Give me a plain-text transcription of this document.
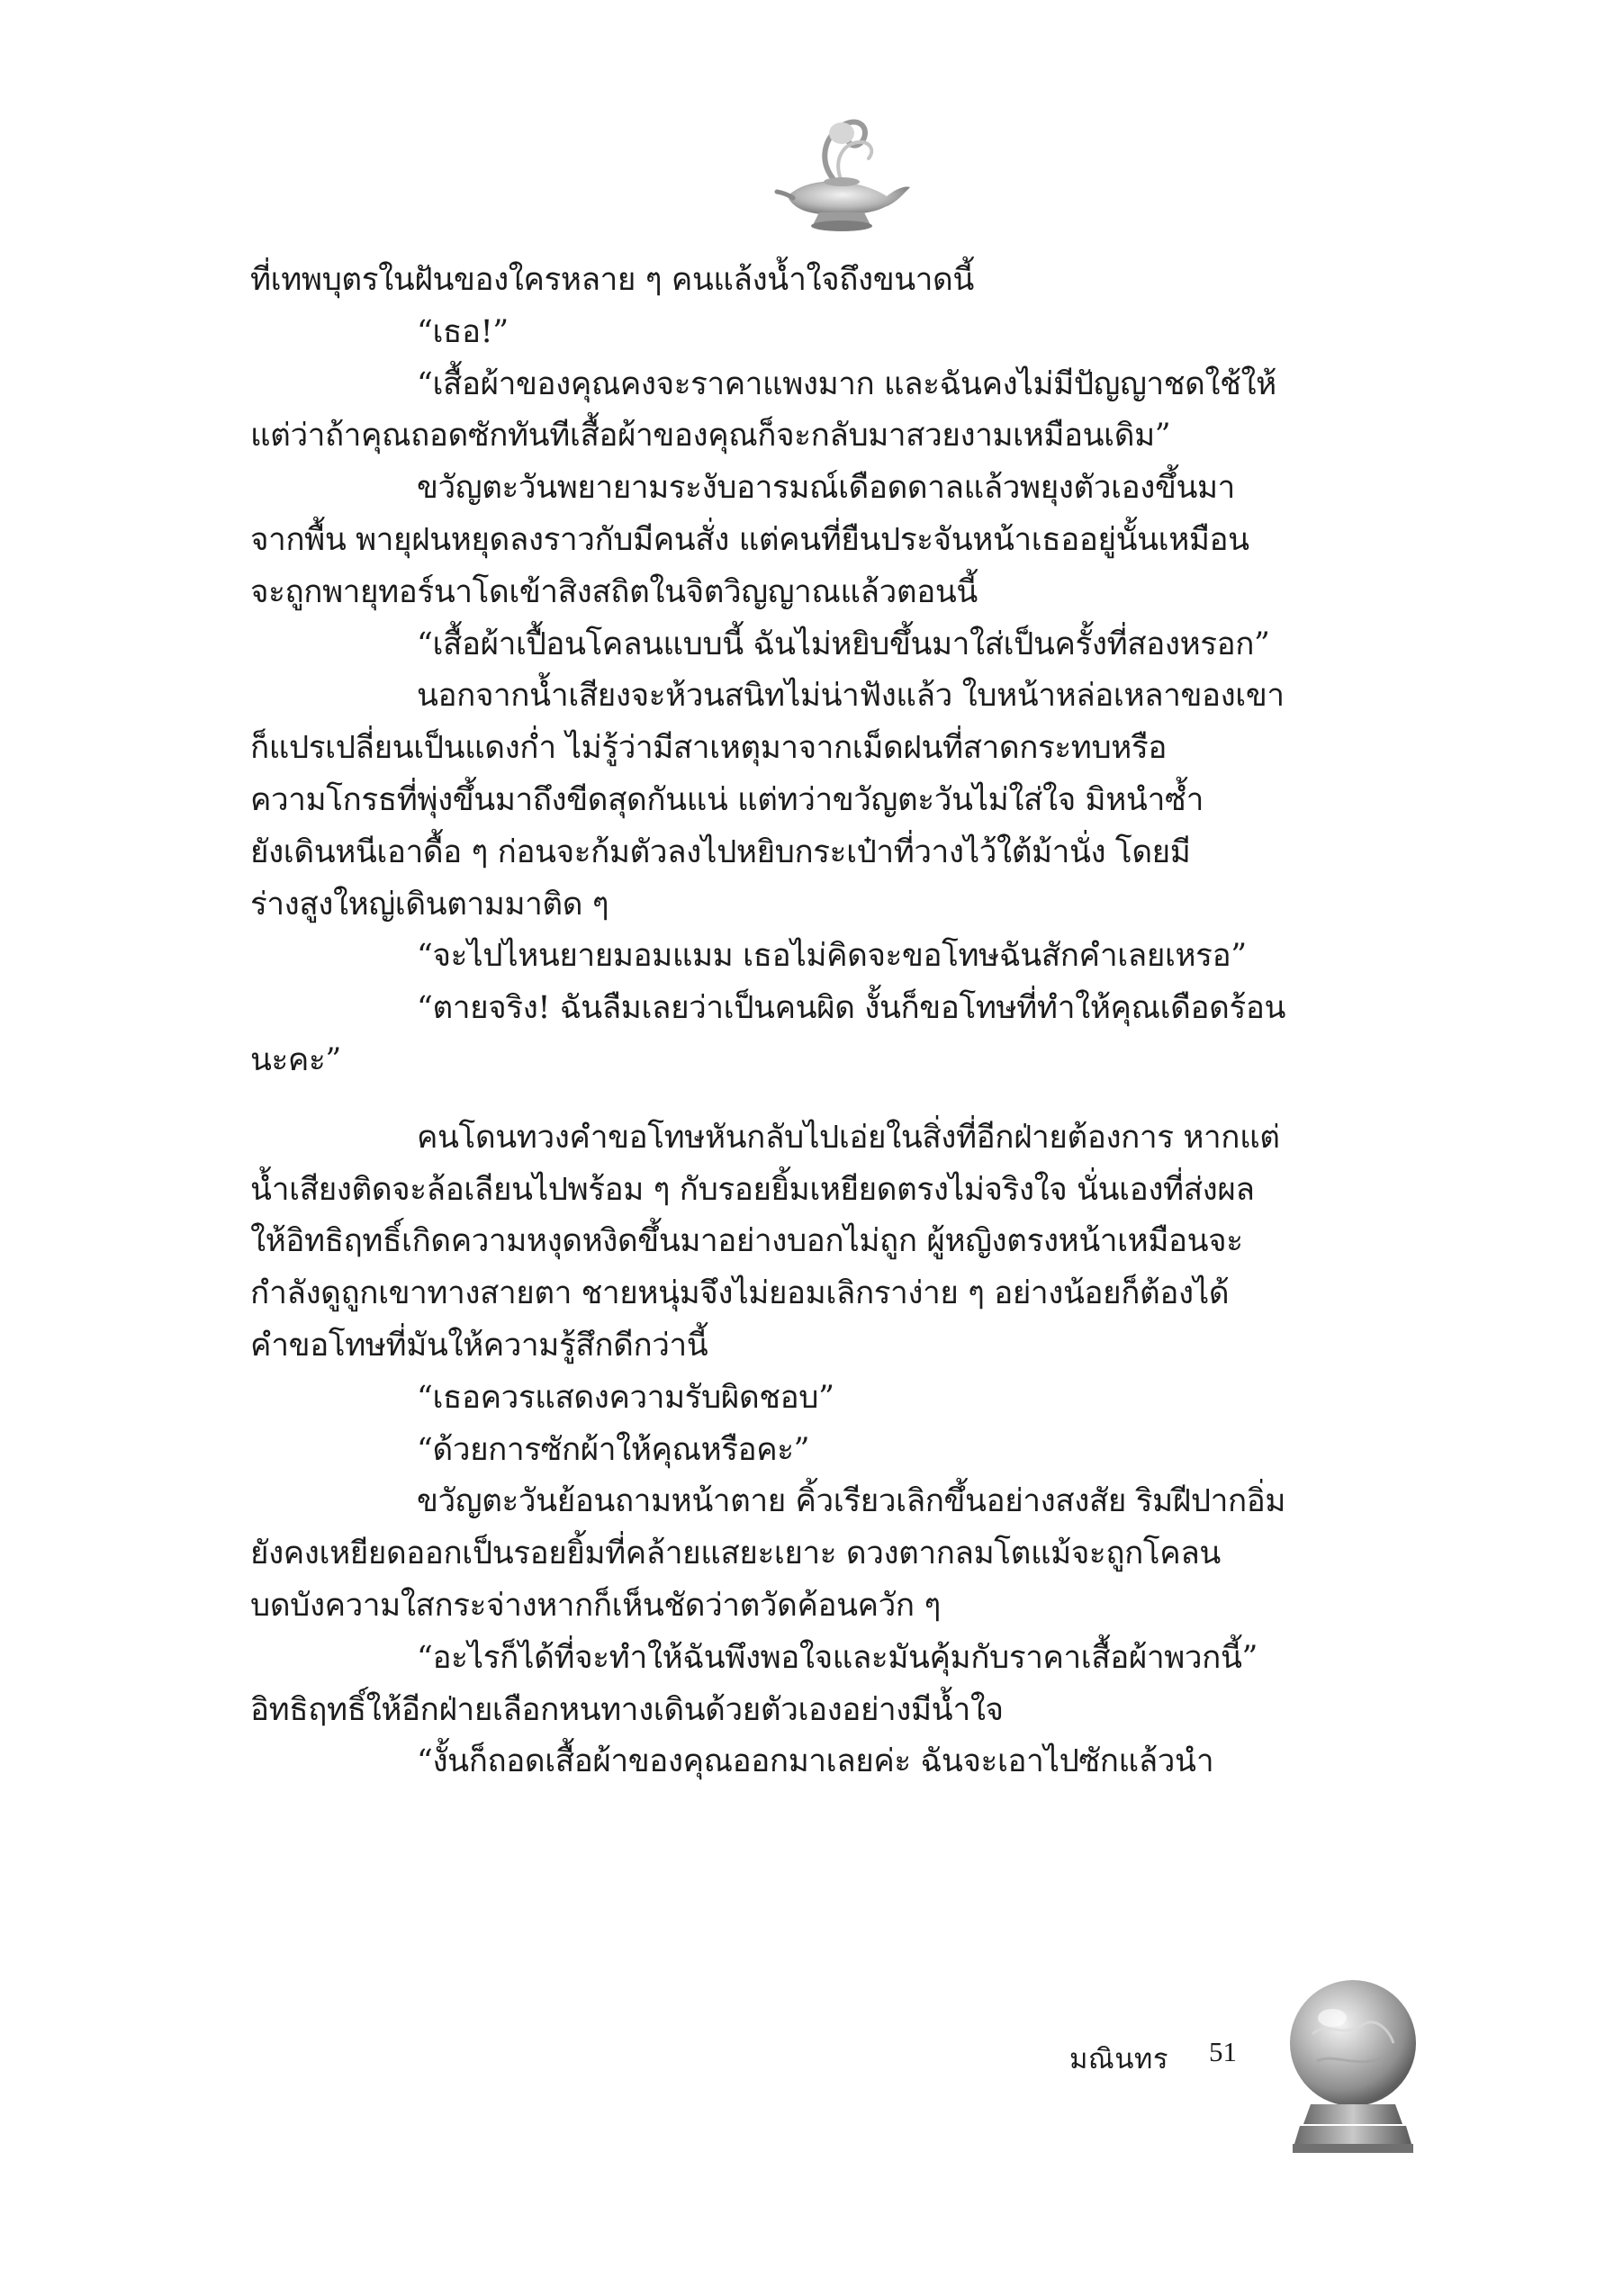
ที่เทพบุตรในฝันของใครหลาย ๆ คนแล้งน้ำใจถึงขนาดนี้
“เธอ!”
“เสื้อผ้าของคุณคงจะราคาแพงมาก และฉันคงไม่มีปัญญาชดใช้ให้
แต่ว่าถ้าคุณถอดซักทันทีเสื้อผ้าของคุณก็จะกลับมาสวยงามเหมือนเดิม”
ขวัญตะวันพยายามระงับอารมณ์เดือดดาลแล้วพยุงตัวเองขึ้นมา
จากพื้น พายุฝนหยุดลงราวกับมีคนสั่ง แต่คนที่ยืนประจันหน้าเธออยู่นั้นเหมือน
จะถูกพายุทอร์นาโดเข้าสิงสถิตในจิตวิญญาณแล้วตอนนี้
“เสื้อผ้าเปื้อนโคลนแบบนี้ ฉันไม่หยิบขึ้นมาใส่เป็นครั้งที่สองหรอก”
นอกจากน้ำเสียงจะห้วนสนิทไม่น่าฟังแล้ว ใบหน้าหล่อเหลาของเขา
ก็แปรเปลี่ยนเป็นแดงก่ำ ไม่รู้ว่ามีสาเหตุมาจากเม็ดฝนที่สาดกระทบหรือ
ความโกรธที่พุ่งขึ้นมาถึงขีดสุดกันแน่ แต่ทว่าขวัญตะวันไม่ใส่ใจ มิหนำซ้ำ
ยังเดินหนีเอาดื้อ ๆ ก่อนจะก้มตัวลงไปหยิบกระเป๋าที่วางไว้ใต้ม้านั่ง โดยมี
ร่างสูงใหญ่เดินตามมาติด ๆ
“จะไปไหนยายมอมแมม เธอไม่คิดจะขอโทษฉันสักคำเลยเหรอ”
“ตายจริง! ฉันลืมเลยว่าเป็นคนผิด งั้นก็ขอโทษที่ทำให้คุณเดือดร้อน
นะคะ”
คนโดนทวงคำขอโทษหันกลับไปเอ่ยในสิ่งที่อีกฝ่ายต้องการ หากแต่
น้ำเสียงติดจะล้อเลียนไปพร้อม ๆ กับรอยยิ้มเหยียดตรงไม่จริงใจ นั่นเองที่ส่งผล
ให้อิทธิฤทธิ์เกิดความหงุดหงิดขึ้นมาอย่างบอกไม่ถูก ผู้หญิงตรงหน้าเหมือนจะ
กำลังดูถูกเขาทางสายตา ชายหนุ่มจึงไม่ยอมเลิกราง่าย ๆ อย่างน้อยก็ต้องได้
คำขอโทษที่มันให้ความรู้สึกดีกว่านี้
“เธอควรแสดงความรับผิดชอบ”
“ด้วยการซักผ้าให้คุณหรือคะ”
ขวัญตะวันย้อนถามหน้าตาย คิ้วเรียวเลิกขึ้นอย่างสงสัย ริมฝีปากอิ่ม
ยังคงเหยียดออกเป็นรอยยิ้มที่คล้ายแสยะเยาะ ดวงตากลมโตแม้จะถูกโคลน
บดบังความใสกระจ่างหากก็เห็นชัดว่าตวัดค้อนควัก ๆ
“อะไรก็ได้ที่จะทำให้ฉันพึงพอใจและมันคุ้มกับราคาเสื้อผ้าพวกนี้”
อิทธิฤทธิ์ให้อีกฝ่ายเลือกหนทางเดินด้วยตัวเองอย่างมีน้ำใจ
“งั้นก็ถอดเสื้อผ้าของคุณออกมาเลยค่ะ ฉันจะเอาไปซักแล้วนำ
มณินทร 51
